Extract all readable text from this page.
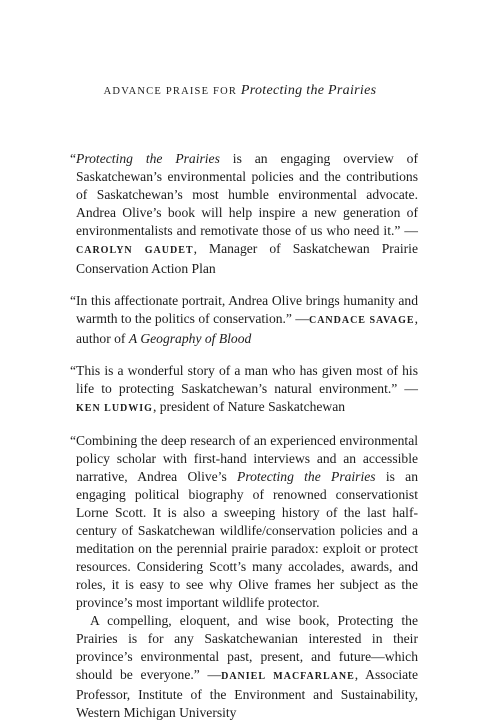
ADVANCE PRAISE FOR Protecting the Prairies

“Protecting the Prairies is an engaging overview of Saskatchewan’s environmental policies and the contributions of Saskatchewan’s most humble environmental advocate. Andrea Olive’s book will help inspire a new generation of environmentalists and remotivate those of us who need it.” —CAROLYN GAUDET, Manager of Saskatchewan Prairie Conservation Action Plan

“In this affectionate portrait, Andrea Olive brings humanity and warmth to the politics of conservation.” —CANDACE SAVAGE, author of A Geography of Blood

“This is a wonderful story of a man who has given most of his life to protecting Saskatchewan’s natural environment.” —KEN LUDWIG, president of Nature Saskatchewan

“Combining the deep research of an experienced environmental policy scholar with first-hand interviews and an accessible narrative, Andrea Olive’s Protecting the Prairies is an engaging political biography of renowned conservationist Lorne Scott. It is also a sweeping history of the last half-century of Saskatchewan wildlife/conservation policies and a meditation on the perennial prairie paradox: exploit or protect resources. Considering Scott’s many accolades, awards, and roles, it is easy to see why Olive frames her subject as the province’s most important wildlife protector.

A compelling, eloquent, and wise book, Protecting the Prairies is for any Saskatchewanian interested in their province’s environmental past, present, and future—which should be everyone.” —DANIEL MACFARLANE, Associate Professor, Institute of the Environment and Sustainability, Western Michigan University
